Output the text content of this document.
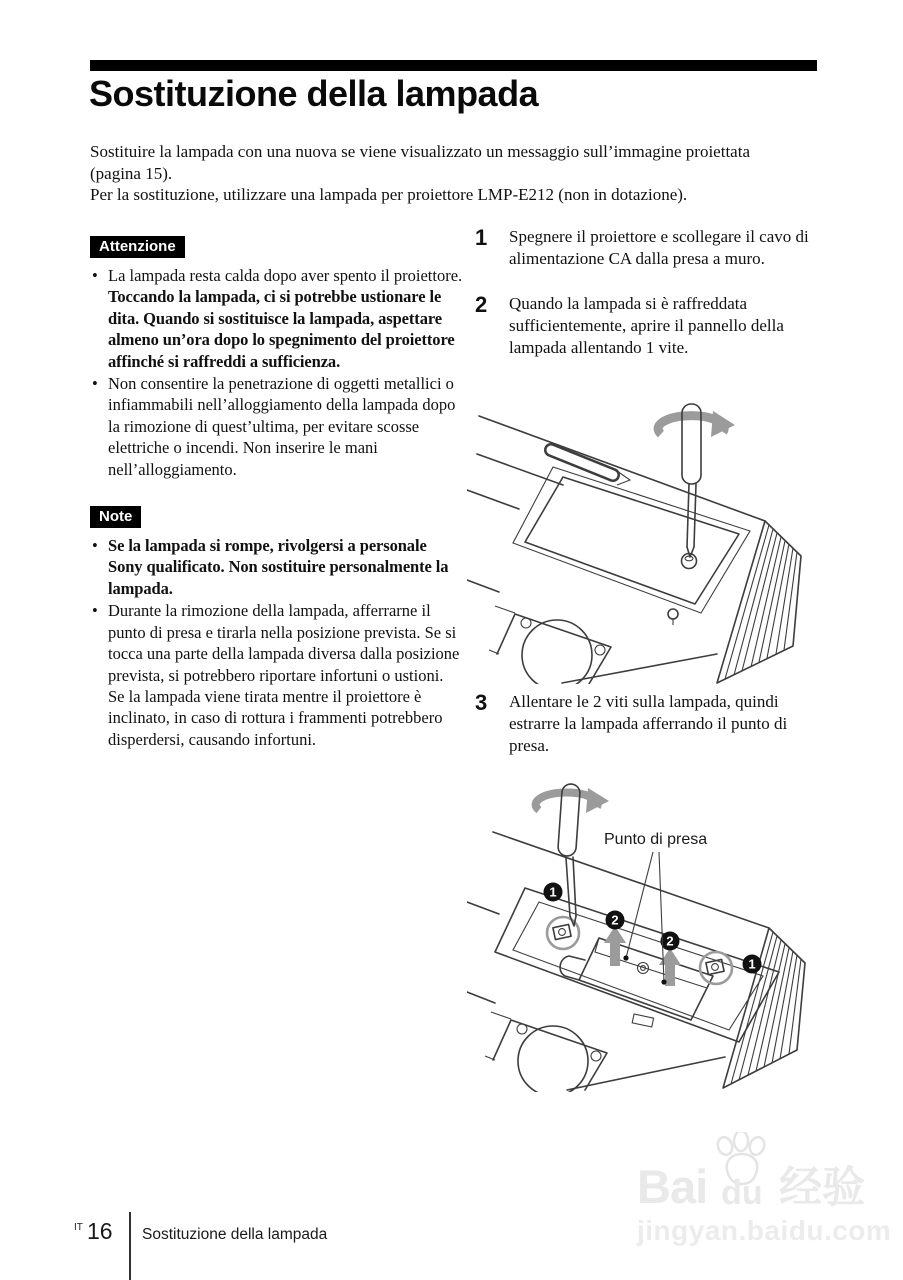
Sostituzione della lampada

Sostituire la lampada con una nuova se viene visualizzato un messaggio sull’immagine proiettata (pagina 15).

Per la sostituzione, utilizzare una lampada per proiettore LMP-E212 (non in dotazione).

Attenzione
• La lampada resta calda dopo aver spento il proiettore. Toccando la lampada, ci si potrebbe ustionare le dita. Quando si sostituisce la lampada, aspettare almeno un’ora dopo lo spegnimento del proiettore affinché si raffreddi a sufficienza.
• Non consentire la penetrazione di oggetti metallici o infiammabili nell’alloggiamento della lampada dopo la rimozione di quest’ultima, per evitare scosse elettriche o incendi. Non inserire le mani nell’alloggiamento.
Note
• Se la lampada si rompe, rivolgersi a personale Sony qualificato. Non sostituire personalmente la lampada.
• Durante la rimozione della lampada, afferrarne il punto di presa e tirarla nella posizione prevista. Se si tocca una parte della lampada diversa dalla posizione prevista, si potrebbero riportare infortuni o ustioni. Se la lampada viene tirata mentre il proiettore è inclinato, in caso di rottura i frammenti potrebbero disperdersi, causando infortuni.
1	Spegnere il proiettore e scollegare il cavo di alimentazione CA dalla presa a muro.
2	Quando la lampada si è raffreddata sufficientemente, aprire il pannello della lampada allentando 1 vite.
3	Allentare le 2 viti sulla lampada, quindi estrarre la lampada afferrando il punto di presa.
1
1
2
2
Punto di presa
IT 16 Sostituzione della lampada
Bai du 经验
jingyan.baidu.com
